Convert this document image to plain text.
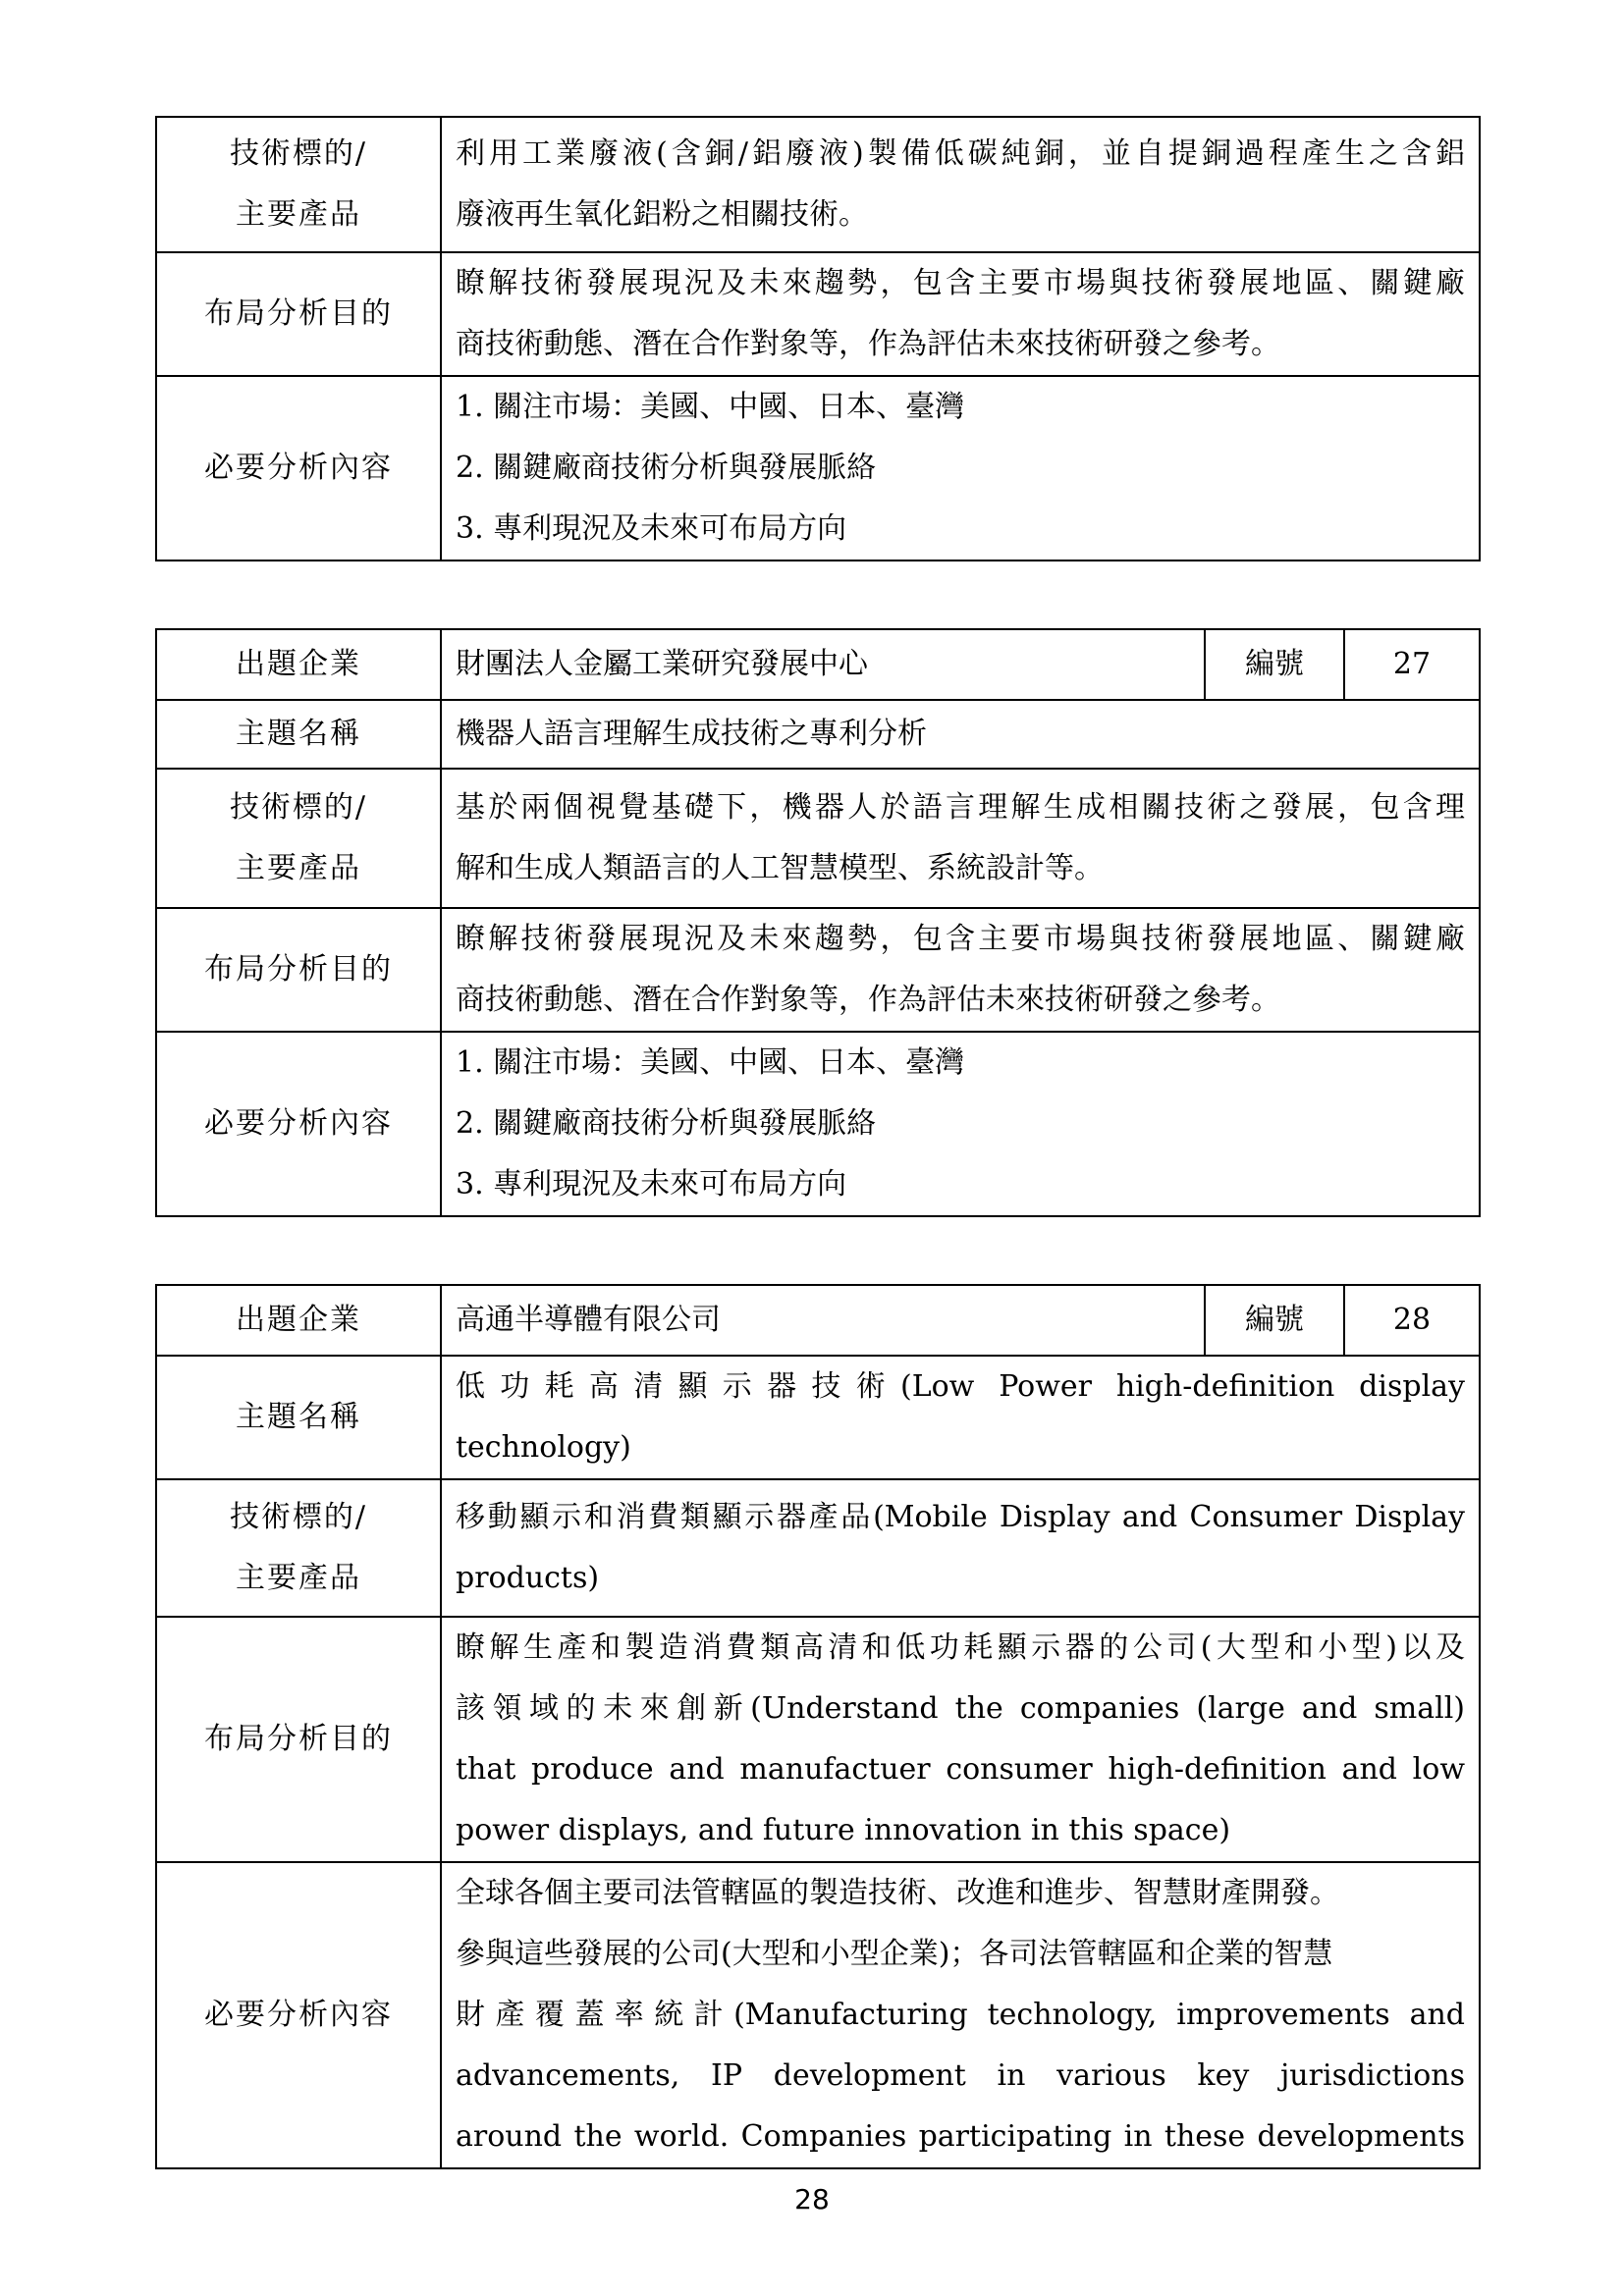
技術標的/
主要產品	利用工業廢液(含銅/鋁廢液)製備低碳純銅，並自提銅過程產生之含鋁
廢液再生氧化鋁粉之相關技術。

布局分析目的	瞭解技術發展現況及未來趨勢，包含主要市場與技術發展地區、關鍵廠
商技術動態、潛在合作對象等，作為評估未來技術研發之參考。

必要分析內容	1. 關注市場：美國、中國、日本、臺灣
2. 關鍵廠商技術分析與發展脈絡
3. 專利現況及未來可布局方向
出題企業	財團法人金屬工業研究發展中心	編號	27
主題名稱	機器人語言理解生成技術之專利分析		

技術標的/
主要產品	基於兩個視覺基礎下，機器人於語言理解生成相關技術之發展，包含理
解和生成人類語言的人工智慧模型、系統設計等。		

布局分析目的	瞭解技術發展現況及未來趨勢，包含主要市場與技術發展地區、關鍵廠
商技術動態、潛在合作對象等，作為評估未來技術研發之參考。		

必要分析內容	1. 關注市場：美國、中國、日本、臺灣
2. 關鍵廠商技術分析與發展脈絡
3. 專利現況及未來可布局方向		
出題企業	高通半導體有限公司	編號	28
主題名稱	低功耗高清顯示器技術(Low Power high-definition display
technology)		

技術標的/
主要產品	移動顯示和消費類顯示器產品(Mobile Display and Consumer Display
products)		

布局分析目的	瞭解生產和製造消費類高清和低功耗顯示器的公司(大型和小型)以及
該領域的未來創新(Understand the companies (large and small)
that produce and manufactuer consumer high-definition and low
power displays, and future innovation in this space)		

必要分析內容	全球各個主要司法管轄區的製造技術、改進和進步、智慧財產開發。
參與這些發展的公司(大型和小型企業)；各司法管轄區和企業的智慧
財產覆蓋率統計(Manufacturing technology, improvements and
advancements, IP development in various key jurisdictions
around the world. Companies participating in these developments		
28
